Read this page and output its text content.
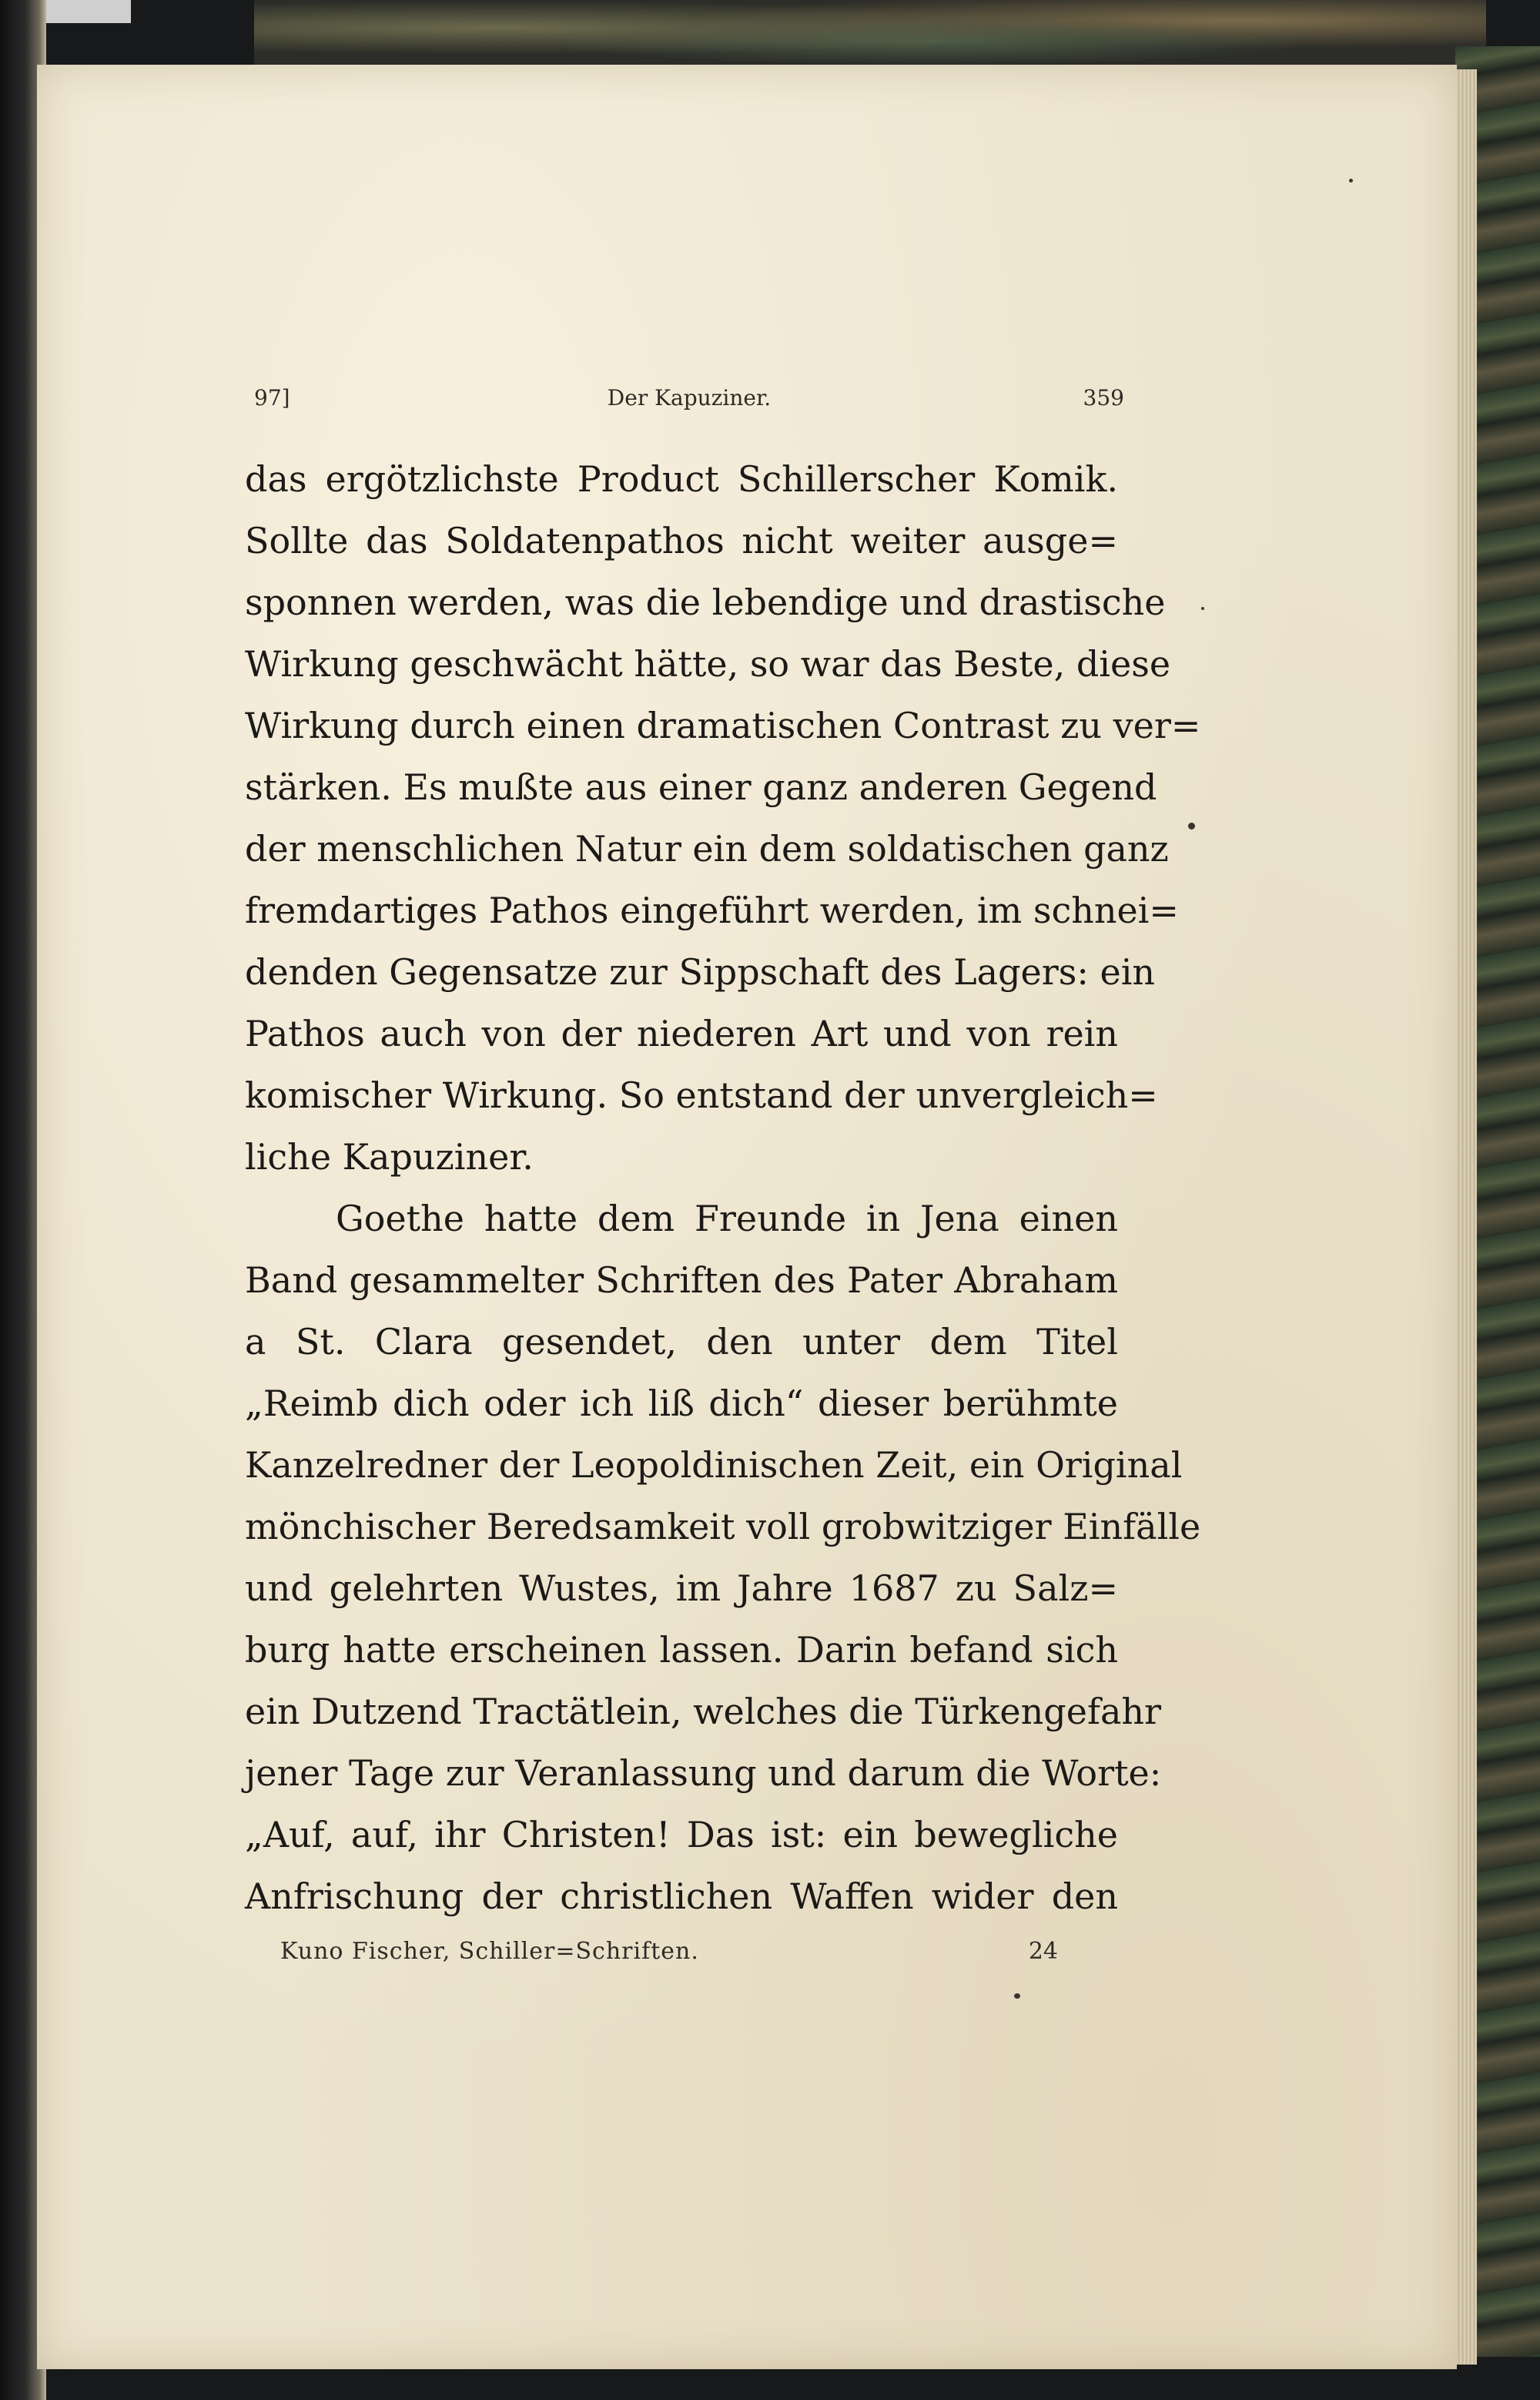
97]	Der Kapuziner.	359
das ergötzlichste Product Schillerscher Komik.
Sollte das Soldatenpathos nicht weiter ausge=
sponnen werden, was die lebendige und drastische
Wirkung geschwächt hätte, so war das Beste, diese
Wirkung durch einen dramatischen Contrast zu ver=
stärken. Es mußte aus einer ganz anderen Gegend
der menschlichen Natur ein dem soldatischen ganz
fremdartiges Pathos eingeführt werden, im schnei=
denden Gegensatze zur Sippschaft des Lagers: ein
Pathos auch von der niederen Art und von rein
komischer Wirkung. So entstand der unvergleich=
liche Kapuziner.
Goethe hatte dem Freunde in Jena einen
Band gesammelter Schriften des Pater Abraham
a St. Clara gesendet, den unter dem Titel
„Reimb dich oder ich liß dich“ dieser berühmte
Kanzelredner der Leopoldinischen Zeit, ein Original
mönchischer Beredsamkeit voll grobwitziger Einfälle
und gelehrten Wustes, im Jahre 1687 zu Salz=
burg hatte erscheinen lassen. Darin befand sich
ein Dutzend Tractätlein, welches die Türkengefahr
jener Tage zur Veranlassung und darum die Worte:
„Auf, auf, ihr Christen! Das ist: ein bewegliche
Anfrischung der christlichen Waffen wider den
Kuno Fischer, Schiller=Schriften.	24
